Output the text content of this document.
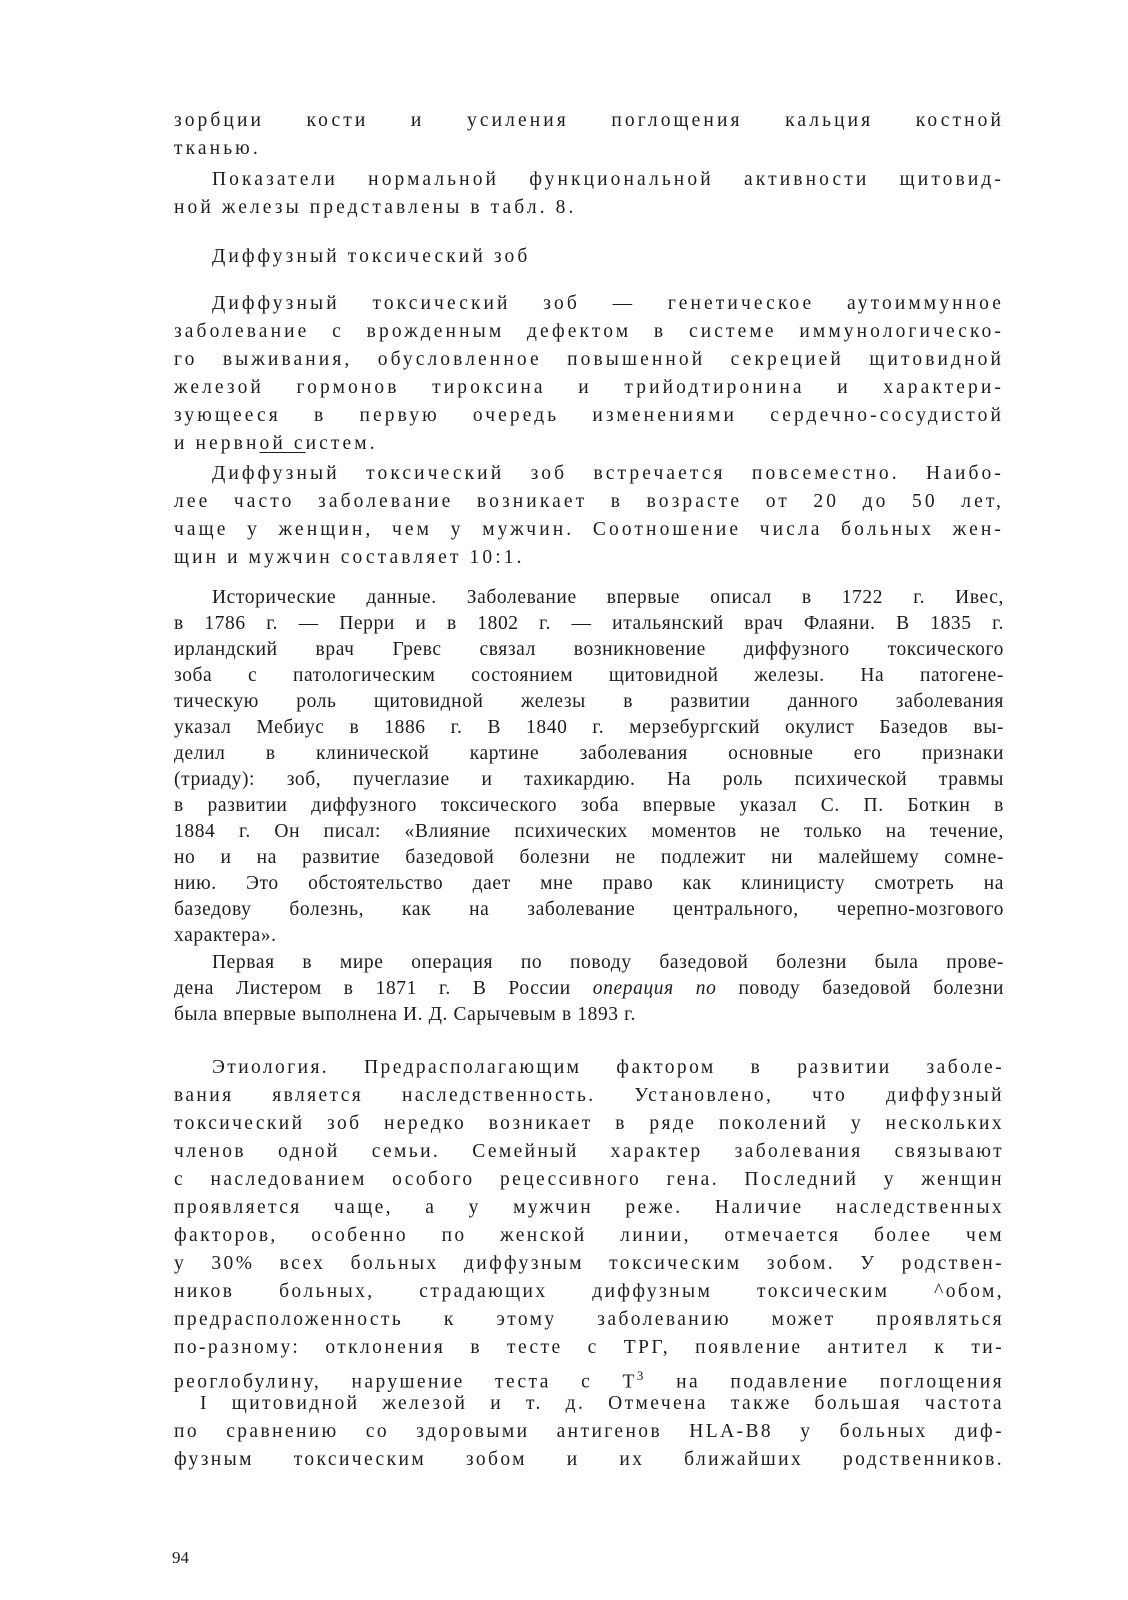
зорбции кости и усиления поглощения кальция костной
тканью.
Показатели нормальной функциональной активности щитовид-
ной железы представлены в табл. 8.
Диффузный токсический зоб
Диффузный токсический зоб — генетическое аутоиммунное
заболевание с врожденным дефектом в системе иммунологическо-
го выживания, обусловленное повышенной секрецией щитовидной
железой гормонов тироксина и трийодтиронина и характери-
зующееся в первую очередь изменениями сердечно-сосудистой
и нервной систем.
Диффузный токсический зоб встречается повсеместно. Наибо-
лее часто заболевание возникает в возрасте от 20 до 50 лет,
чаще у женщин, чем у мужчин. Соотношение числа больных жен-
щин и мужчин составляет 10:1.
Исторические данные. Заболевание впервые описал в 1722 г. Ивес,
в 1786 г. — Перри и в 1802 г. — итальянский врач Флаяни. В 1835 г.
ирландский врач Гревс связал возникновение диффузного токсического
зоба с патологическим состоянием щитовидной железы. На патогене-
тическую роль щитовидной железы в развитии данного заболевания
указал Мебиус в 1886 г. В 1840 г. мерзебургский окулист Базедов вы-
делил в клинической картине заболевания основные его признаки
(триаду): зоб, пучеглазие и тахикардию. На роль психической травмы
в развитии диффузного токсического зоба впервые указал С. П. Боткин в
1884 г. Он писал: «Влияние психических моментов не только на течение,
но и на развитие базедовой болезни не подлежит ни малейшему сомне-
нию. Это обстоятельство дает мне право как клиницисту смотреть на
базедову болезнь, как на заболевание центрального, черепно-мозгового
характера».
Первая в мире операция по поводу базедовой болезни была прове-
дена Листером в 1871 г. В России операция по поводу базедовой болезни
была впервые выполнена И. Д. Сарычевым в 1893 г.
Этиология. Предрасполагающим фактором в развитии заболе-
вания является наследственность. Установлено, что диффузный
токсический зоб нередко возникает в ряде поколений у нескольких
членов одной семьи. Семейный характер заболевания связывают
с наследованием особого рецессивного гена. Последний у женщин
проявляется чаще, а у мужчин реже. Наличие наследственных
факторов, особенно по женской линии, отмечается более чем
у 30% всех больных диффузным токсическим зобом. У родствен-
ников больных, страдающих диффузным токсическим ^обом,
предрасположенность к этому заболеванию может проявляться
по-разному: отклонения в тесте с ТРГ, появление антител к ти-
реоглобулину, нарушение теста с $Т^3$ на подавление поглощения
I щитовидной железой и т. д. Отмечена также большая частота
по сравнению со здоровыми антигенов HLA-B8 у больных диф-
фузным токсическим зобом и их ближайших родственников.
94
